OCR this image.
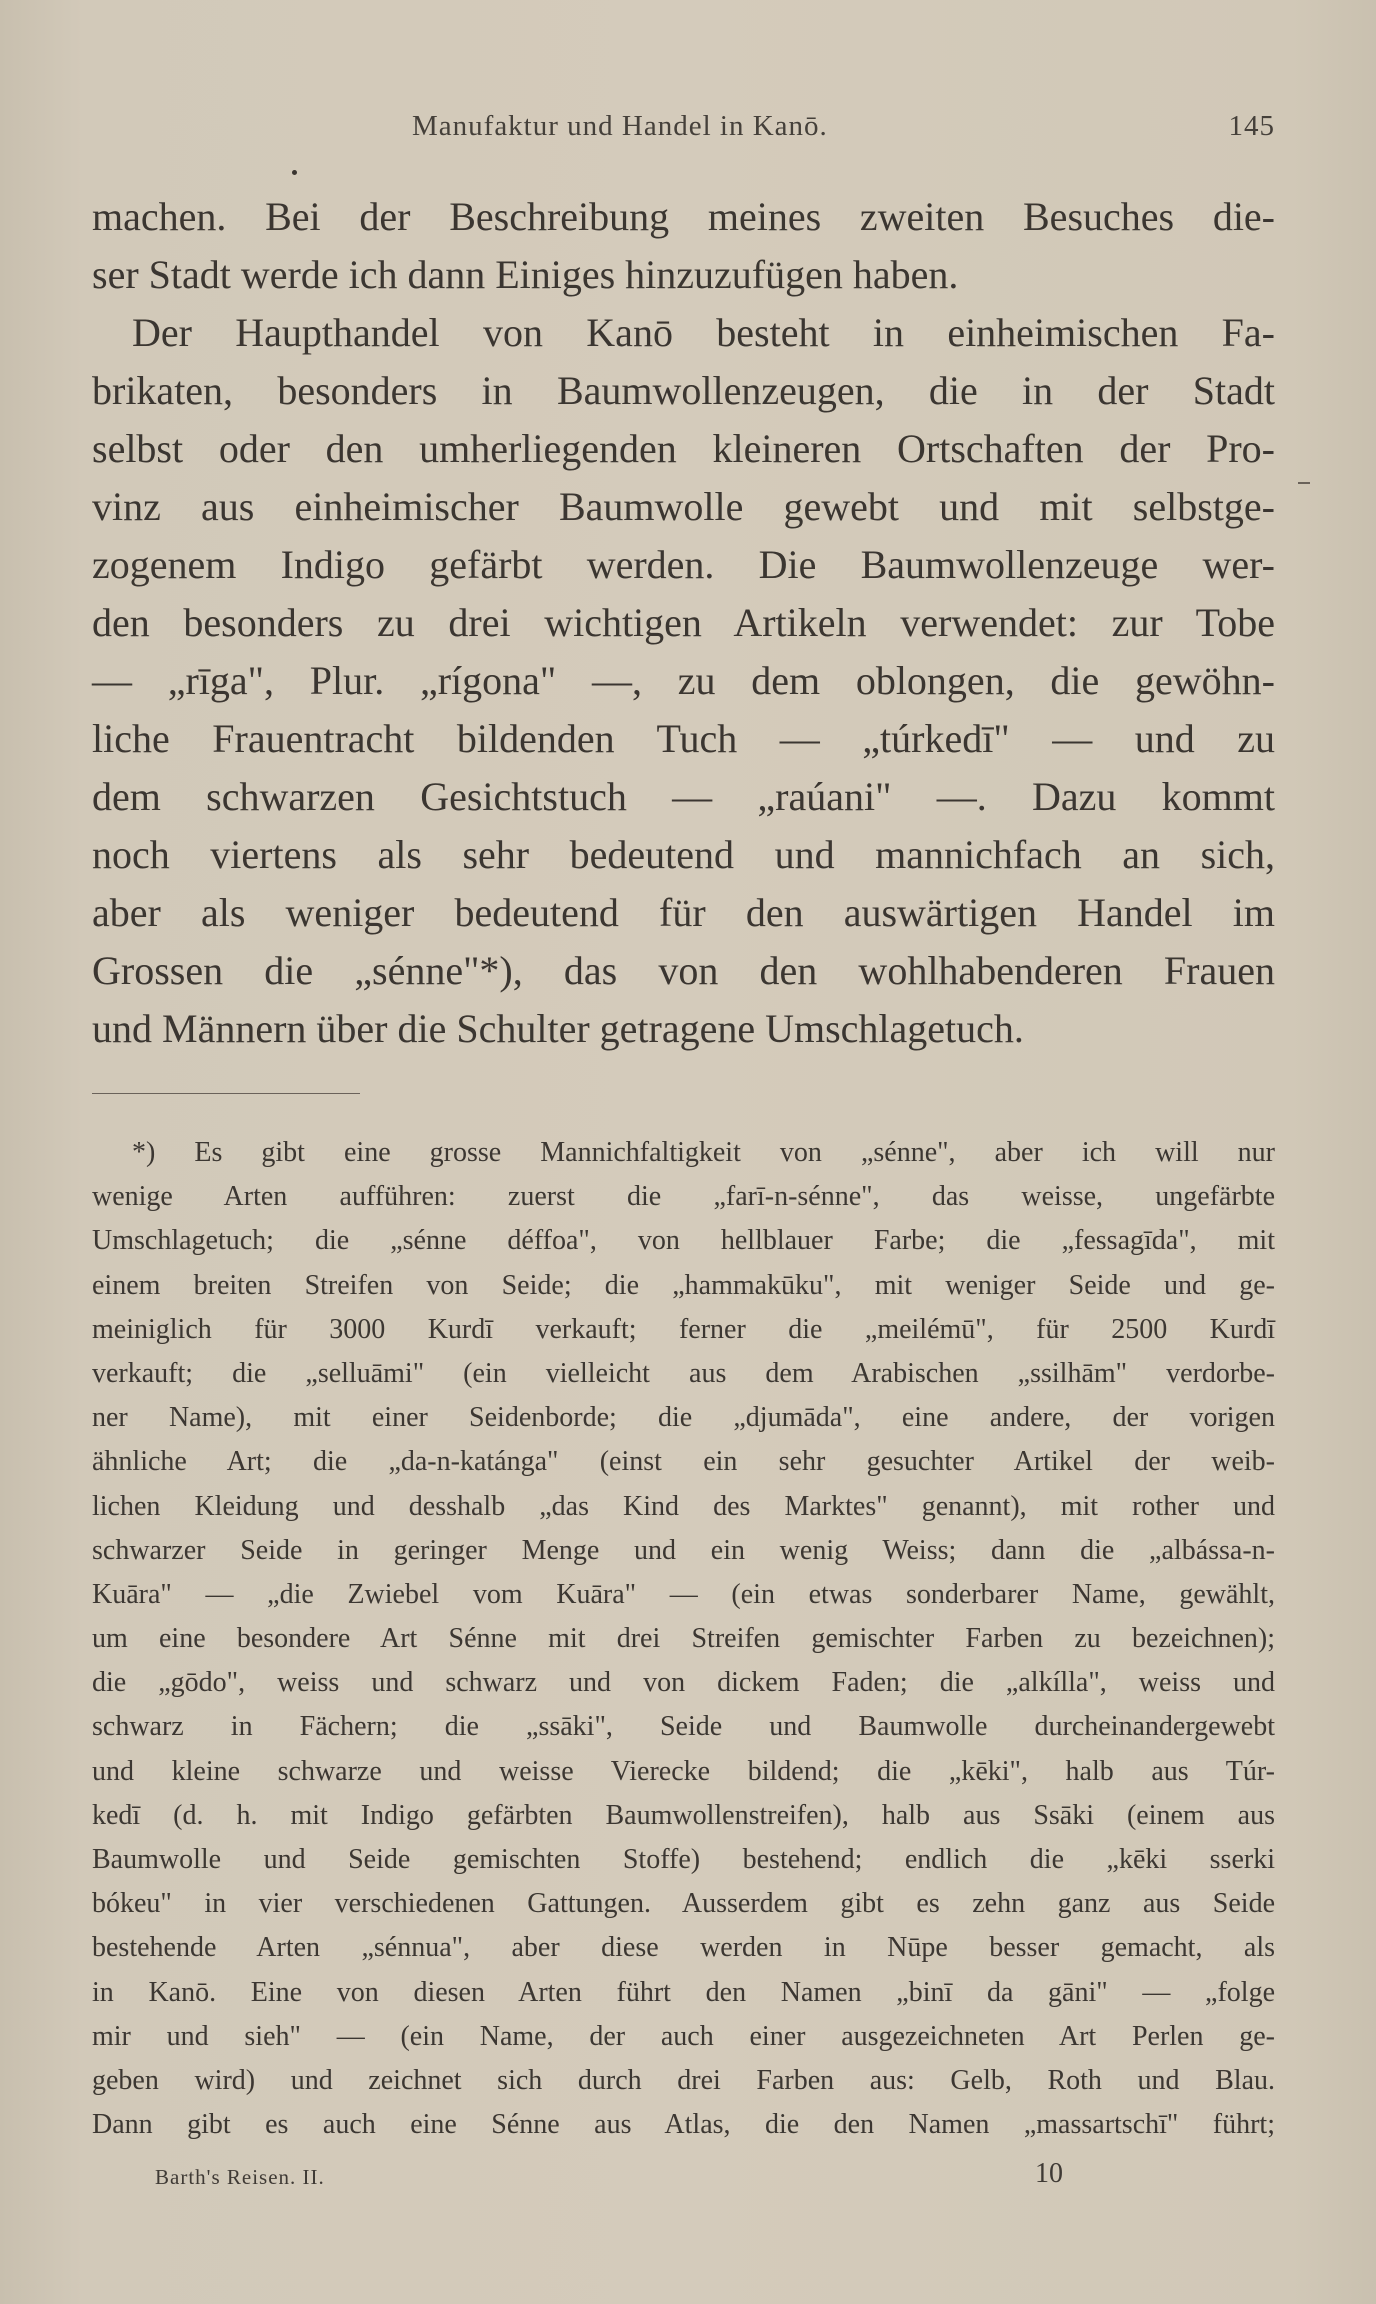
Manufaktur und Handel in Kanō.	145
machen. Bei der Beschreibung meines zweiten Besuches die-
ser Stadt werde ich dann Einiges hinzuzufügen haben.
Der Haupthandel von Kanō besteht in einheimischen Fa-
brikaten, besonders in Baumwollenzeugen, die in der Stadt
selbst oder den umherliegenden kleineren Ortschaften der Pro-
vinz aus einheimischer Baumwolle gewebt und mit selbstge-
zogenem Indigo gefärbt werden. Die Baumwollenzeuge wer-
den besonders zu drei wichtigen Artikeln verwendet: zur Tobe
— „rīga", Plur. „rígona" —, zu dem oblongen, die gewöhn-
liche Frauentracht bildenden Tuch — „túrkedī" — und zu
dem schwarzen Gesichtstuch — „raúani" —. Dazu kommt
noch viertens als sehr bedeutend und mannichfach an sich,
aber als weniger bedeutend für den auswärtigen Handel im
Grossen die „sénne"*), das von den wohlhabenderen Frauen
und Männern über die Schulter getragene Umschlagetuch.
*) Es gibt eine grosse Mannichfaltigkeit von „sénne", aber ich will nur
wenige Arten aufführen: zuerst die „farī-n-sénne", das weisse, ungefärbte
Umschlagetuch; die „sénne déffoa", von hellblauer Farbe; die „fessagīda", mit
einem breiten Streifen von Seide; die „hammakūku", mit weniger Seide und ge-
meiniglich für 3000 Kurdī verkauft; ferner die „meilémū", für 2500 Kurdī
verkauft; die „selluāmi" (ein vielleicht aus dem Arabischen „ssilhām" verdorbe-
ner Name), mit einer Seidenborde; die „djumāda", eine andere, der vorigen
ähnliche Art; die „da-n-katánga" (einst ein sehr gesuchter Artikel der weib-
lichen Kleidung und desshalb „das Kind des Marktes" genannt), mit rother und
schwarzer Seide in geringer Menge und ein wenig Weiss; dann die „albássa-n-
Kuāra" — „die Zwiebel vom Kuāra" — (ein etwas sonderbarer Name, gewählt,
um eine besondere Art Sénne mit drei Streifen gemischter Farben zu bezeichnen);
die „gōdo", weiss und schwarz und von dickem Faden; die „alkílla", weiss und
schwarz in Fächern; die „ssāki", Seide und Baumwolle durcheinandergewebt
und kleine schwarze und weisse Vierecke bildend; die „kēki", halb aus Túr-
kedī (d. h. mit Indigo gefärbten Baumwollenstreifen), halb aus Ssāki (einem aus
Baumwolle und Seide gemischten Stoffe) bestehend; endlich die „kēki sserki
bókeu" in vier verschiedenen Gattungen. Ausserdem gibt es zehn ganz aus Seide
bestehende Arten „sénnua", aber diese werden in Nūpe besser gemacht, als
in Kanō. Eine von diesen Arten führt den Namen „binī da gāni" — „folge
mir und sieh" — (ein Name, der auch einer ausgezeichneten Art Perlen ge-
geben wird) und zeichnet sich durch drei Farben aus: Gelb, Roth und Blau.
Dann gibt es auch eine Sénne aus Atlas, die den Namen „massartschī" führt;
Barth's Reisen. II.	10
